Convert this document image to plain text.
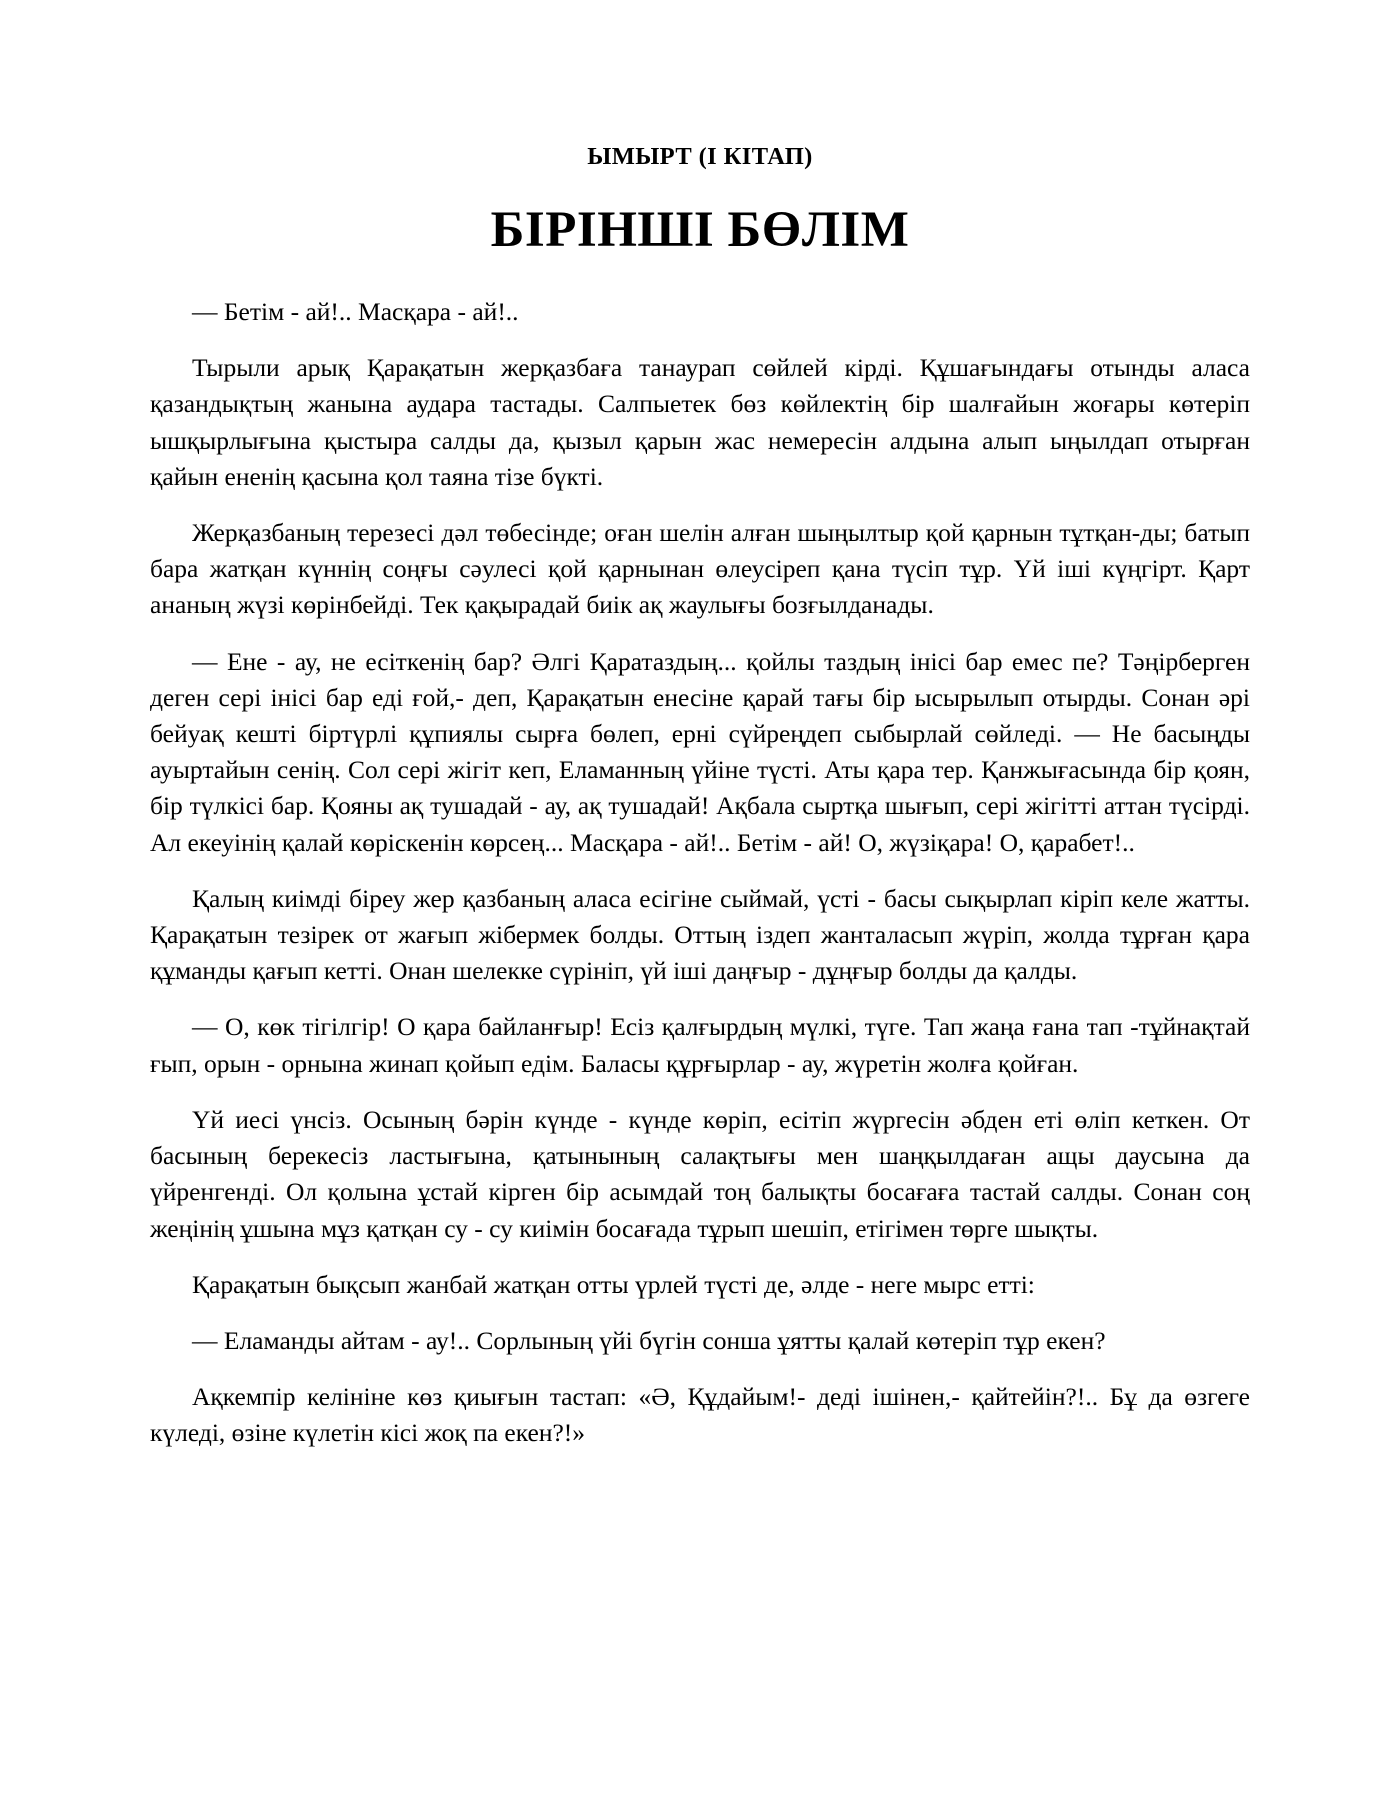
ЫМЫРТ (I КІТАП)
БІРІНШІ БӨЛІМ

— Бетім - ай!.. Масқара - ай!..

Тырыли арық Қарақатын жерқазбаға танаурап сөйлей кірді. Құшағындағы отынды аласа қазандықтың жанына аудара тастады. Салпыетек бөз көйлектің бір шалғайын жоғары көтеріп ышқырлығына қыстыра салды да, қызыл қарын жас немересін алдына алып ыңылдап отырған қайын ененің қасына қол таяна тізе бүкті.

Жерқазбаның терезесі дәл төбесінде; оған шелін алған шыңылтыр қой қарнын тұтқан-ды; батып бара жатқан күннің соңғы сәулесі қой қарнынан өлеусіреп қана түсіп тұр. Үй іші күңгірт. Қарт ананың жүзі көрінбейді. Тек қақырадай биік ақ жаулығы бозғылданады.

— Ене - ау, не есіткенің бар? Әлгі Қаратаздың... қойлы таздың інісі бар емес пе? Тәңірберген деген сері інісі бар еді ғой,- деп, Қарақатын енесіне қарай тағы бір ысырылып отырды. Сонан әрі бейуақ кешті біртүрлі құпиялы сырға бөлеп, ерні сүйреңдеп сыбырлай сөйледі. — Не басыңды ауыртайын сенің. Сол сері жігіт кеп, Еламанның үйіне түсті. Аты қара тер. Қанжығасында бір қоян, бір түлкісі бар. Қояны ақ тушадай - ау, ақ тушадай! Ақбала сыртқа шығып, сері жігітті аттан түсірді. Ал екеуінің қалай көріскенін көрсең... Масқара - ай!.. Бетім - ай! О, жүзіқара! О, қарабет!..

Қалың киімді біреу жер қазбаның аласа есігіне сыймай, үсті - басы сықырлап кіріп келе жатты. Қарақатын тезірек от жағып жібермек болды. Оттың іздеп жанталасып жүріп, жолда тұрған қара құманды қағып кетті. Онан шелекке сүрініп, үй іші даңғыр - дұңғыр болды да қалды.

— О, көк тігілгір! О қара байланғыр! Есіз қалғырдың мүлкі, түге. Тап жаңа ғана тап -тұйнақтай ғып, орын - орнына жинап қойып едім. Баласы құрғырлар - ау, жүретін жолға қойған.

Үй иесі үнсіз. Осының бәрін күнде - күнде көріп, есітіп жүргесін әбден еті өліп кеткен. От басының берекесіз ластығына, қатынының салақтығы мен шаңқылдаған ащы даусына да үйренгенді. Ол қолына ұстай кірген бір асымдай тоң балықты босағаға тастай салды. Сонан соң жеңінің ұшына мұз қатқан су - су киімін босағада тұрып шешіп, етігімен төрге шықты.

Қарақатын бықсып жанбай жатқан отты үрлей түсті де, әлде - неге мырс етті:

— Еламанды айтам - ау!.. Сорлының үйі бүгін сонша ұятты қалай көтеріп тұр екен?

Ақкемпір келініне көз қиығын тастап: «Ә, Құдайым!- деді ішінен,- қайтейін?!.. Бұ да өзгеге күледі, өзіне күлетін кісі жоқ па екен?!»
